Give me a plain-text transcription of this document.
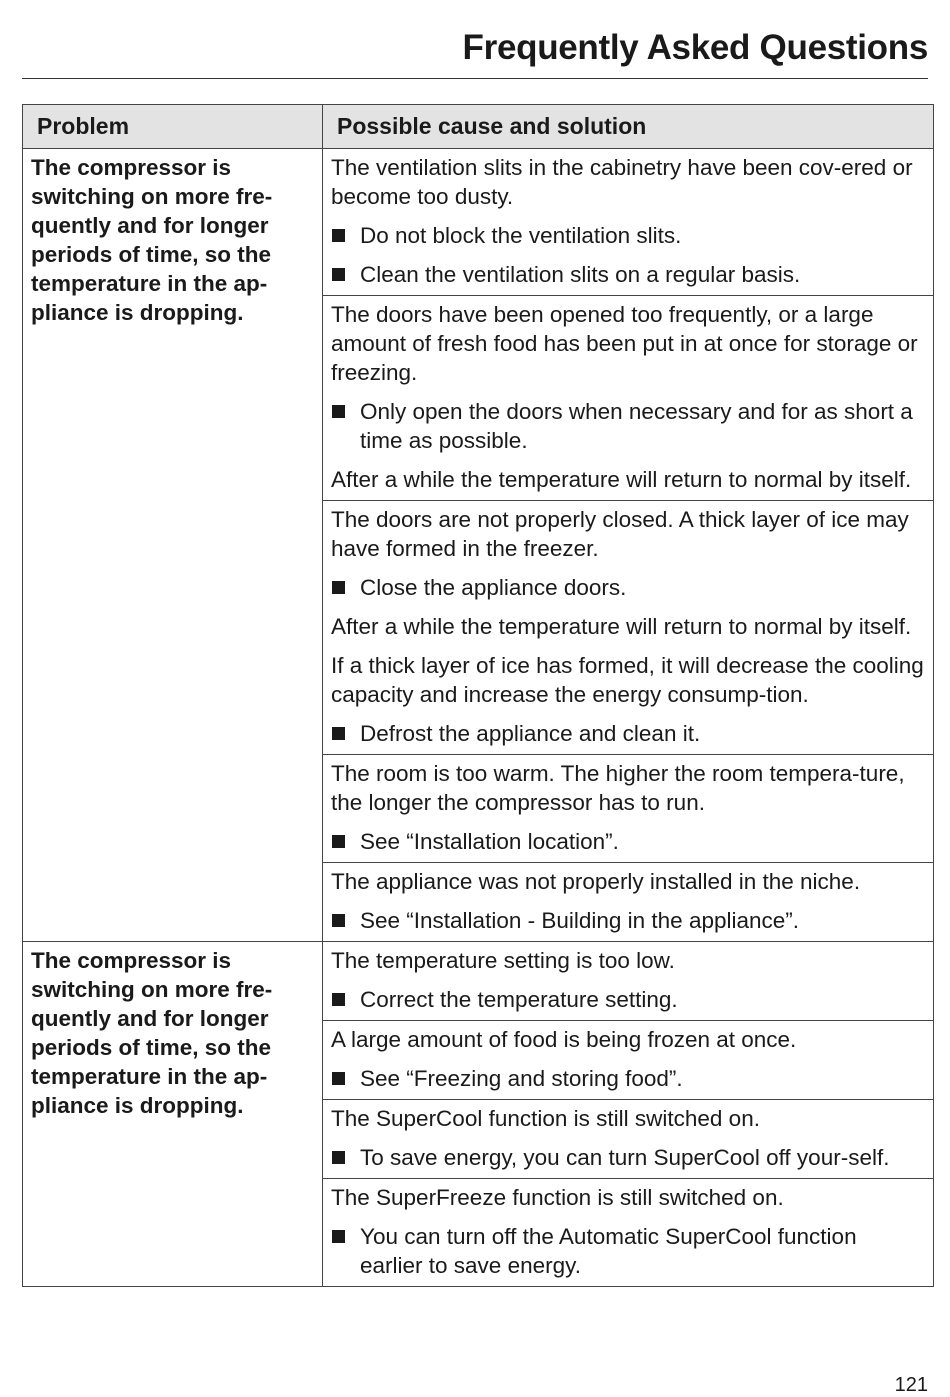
Frequently Asked Questions
Problem	Possible cause and solution
The compressor is switching on more fre-quently and for longer periods of time, so the temperature in the ap-pliance is dropping.	The ventilation slits in the cabinetry have been cov-ered or become too dusty.

Do not block the ventilation slits.
Clean the ventilation slits on a regular basis.

	The doors have been opened too frequently, or a large amount of fresh food has been put in at once for storage or freezing.

Only open the doors when necessary and for as short a time as possible.

After a while the temperature will return to normal by itself.

	The doors are not properly closed. A thick layer of ice may have formed in the freezer.

Close the appliance doors.

After a while the temperature will return to normal by itself.

If a thick layer of ice has formed, it will decrease the cooling capacity and increase the energy consump-tion.

Defrost the appliance and clean it.

	The room is too warm. The higher the room tempera-ture, the longer the compressor has to run.

See “Installation location”.

	The appliance was not properly installed in the niche.

See “Installation - Building in the appliance”.

The compressor is switching on more fre-quently and for longer periods of time, so the temperature in the ap-pliance is dropping.	The temperature setting is too low.

Correct the temperature setting.

	A large amount of food is being frozen at once.

See “Freezing and storing food”.

	The SuperCool function is still switched on.

To save energy, you can turn SuperCool off your-self.

	The SuperFreeze function is still switched on.

You can turn off the Automatic SuperCool function earlier to save energy.
121
